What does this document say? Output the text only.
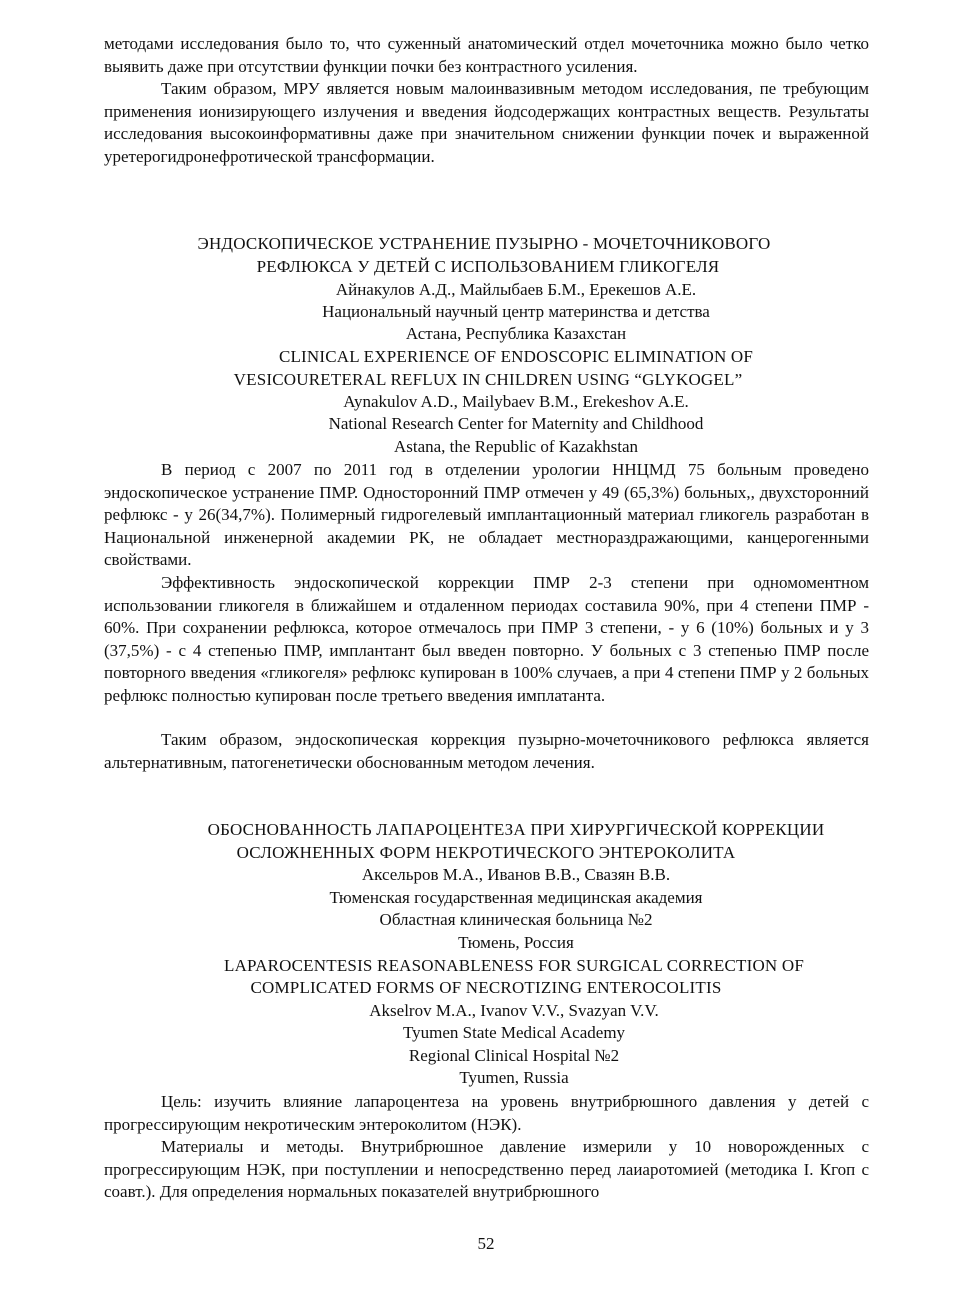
методами исследования было то, что суженный анатомический отдел мочеточника можно было четко выявить даже при отсутствии функции почки без контрастного усиления.

Таким образом, МРУ является новым малоинвазивным методом исследования, пе требующим применения ионизирующего излучения и введения йодсодержащих контрастных веществ. Результаты исследования высокоинформативны даже при значительном снижении функции почек и выраженной уретерогидронефротической трансформации.

ЭНДОСКОПИЧЕСКОЕ УСТРАНЕНИЕ ПУЗЫРНО - МОЧЕТОЧНИКОВОГО

РЕФЛЮКСА У ДЕТЕЙ С ИСПОЛЬЗОВАНИЕМ ГЛИКОГЕЛЯ

Айнакулов А.Д., Майлыбаев Б.М., Ерекешов А.Е.

Национальный научный центр материнства и детства

Астана, Республика Казахстан

CLINICAL EXPERIENCE OF ENDOSCOPIC ELIMINATION OF

VESICOURETERAL REFLUX IN CHILDREN USING “GLYKOGEL”

Aynakulov A.D., Mailybaev B.M., Erekeshov A.E.

National Research Center for Maternity and Childhood

Astana, the Republic of Kazakhstan

В период с 2007 по 2011 год в отделении урологии ННЦМД 75 больным проведено эндоскопическое устранение ПМР. Односторонний ПМР отмечен у 49 (65,3%) больных,, двухсторонний рефлюкс - у 26(34,7%). Полимерный гидрогелевый имплантационный материал гликогель разработан в Национальной инженерной академии РК, не обладает местнораздражающими, канцерогенными свойствами.

Эффективность эндоскопической коррекции ПМР 2-3 степени при одномоментном использовании гликогеля в ближайшем и отдаленном периодах составила 90%, при 4 степени ПМР - 60%. При сохранении рефлюкса, которое отмечалось при ПМР 3 степени, - у 6 (10%) больных и у 3 (37,5%) - с 4 степенью ПМР, имплантант был введен повторно. У больных с 3 степенью ПМР после повторного введения «гликогеля» рефлюкс купирован в 100% случаев, а при 4 степени ПМР у 2 больных рефлюкс полностью купирован после третьего введения имплатанта.

Таким образом, эндоскопическая коррекция пузырно-мочеточникового рефлюкса является альтернативным, патогенетически обоснованным методом лечения.

ОБОСНОВАННОСТЬ ЛАПАРОЦЕНТЕЗА ПРИ ХИРУРГИЧЕСКОЙ КОРРЕКЦИИ

ОСЛОЖНЕННЫХ ФОРМ НЕКРОТИЧЕСКОГО ЭНТЕРОКОЛИТА

Аксельров М.А., Иванов В.В., Свазян В.В.

Тюменская государственная медицинская академия

Областная клиническая больница №2

Тюмень, Россия

LAPAROCENTESIS REASONABLENESS FOR SURGICAL CORRECTION OF

COMPLICATED FORMS OF NECROTIZING ENTEROCOLITIS

Akselrov M.A., Ivanov V.V., Svazyan V.V.

Tyumen State Medical Academy

Regional Clinical Hospital №2

Tyumen, Russia

Цель: изучить влияние лапароцентеза на уровень внутрибрюшного давления у детей с прогрессирующим некротическим энтероколитом (НЭК).

Материалы и методы. Внутрибрюшное давление измерили у 10 новорожденных с прогрессирующим НЭК, при поступлении и непосредственно перед лаиаротомией (методика I. Кгоп с соавт.). Для определения нормальных показателей внутрибрюшного

52
